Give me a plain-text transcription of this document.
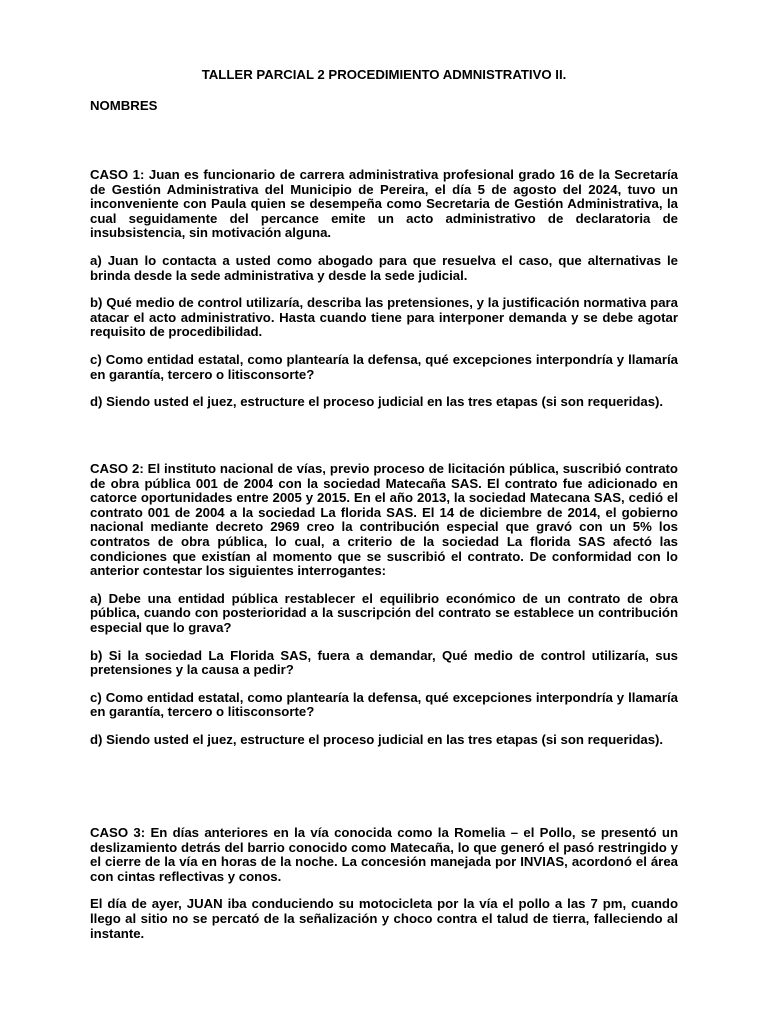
TALLER PARCIAL 2 PROCEDIMIENTO ADMNISTRATIVO II.
NOMBRES

CASO 1: Juan es funcionario de carrera administrativa profesional grado 16 de la Secretaría de Gestión Administrativa del Municipio de Pereira, el día 5 de agosto del 2024, tuvo un inconveniente con Paula quien se desempeña como Secretaria de Gestión Administrativa, la cual seguidamente del percance emite un acto administrativo de declaratoria de insubsistencia, sin motivación alguna.

a) Juan lo contacta a usted como abogado para que resuelva el caso, que alternativas le brinda desde la sede administrativa y desde la sede judicial.

b) Qué medio de control utilizaría, describa las pretensiones, y la justificación normativa para atacar el acto administrativo. Hasta cuando tiene para interponer demanda y se debe agotar requisito de procedibilidad.

c) Como entidad estatal, como plantearía la defensa, qué excepciones interpondría y llamaría en garantía, tercero o litisconsorte?

d) Siendo usted el juez, estructure el proceso judicial en las tres etapas (si son requeridas).

CASO 2: El instituto nacional de vías, previo proceso de licitación pública, suscribió contrato de obra pública 001 de 2004 con la sociedad Matecaña SAS. El contrato fue adicionado en catorce oportunidades entre 2005 y 2015. En el año 2013, la sociedad Matecana SAS, cedió el contrato 001 de 2004 a la sociedad La florida SAS. El 14 de diciembre de 2014, el gobierno nacional mediante decreto 2969 creo la contribución especial que gravó con un 5% los contratos de obra pública, lo cual, a criterio de la sociedad La florida SAS afectó las condiciones que existían al momento que se suscribió el contrato. De conformidad con lo anterior contestar los siguientes interrogantes:

a) Debe una entidad pública restablecer el equilibrio económico de un contrato de obra pública, cuando con posterioridad a la suscripción del contrato se establece un contribución especial que lo grava?

b) Si la sociedad La Florida SAS, fuera a demandar, Qué medio de control utilizaría, sus pretensiones y la causa a pedir?

c) Como entidad estatal, como plantearía la defensa, qué excepciones interpondría y llamaría en garantía, tercero o litisconsorte?

d) Siendo usted el juez, estructure el proceso judicial en las tres etapas (si son requeridas).

CASO 3: En días anteriores en la vía conocida como la Romelia – el Pollo, se presentó un deslizamiento detrás del barrio conocido como Matecaña, lo que generó el pasó restringido y el cierre de la vía en horas de la noche. La concesión manejada por INVIAS, acordonó el área con cintas reflectivas y conos.

El día de ayer, JUAN iba conduciendo su motocicleta por la vía el pollo a las 7 pm, cuando llego al sitio no se percató de la señalización y choco contra el talud de tierra, falleciendo al instante.
